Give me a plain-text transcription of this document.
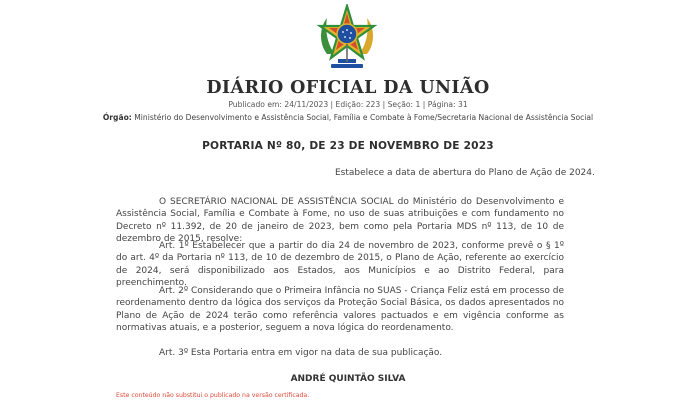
DIÁRIO OFICIAL DA UNIÃO
Publicado em: 24/11/2023 | Edição: 223 | Seção: 1 | Página: 31
Órgão: Ministério do Desenvolvimento e Assistência Social, Família e Combate à Fome/Secretaria Nacional de Assistência Social
PORTARIA Nº 80, DE 23 DE NOVEMBRO DE 2023
Estabelece a data de abertura do Plano de Ação de 2024.

O SECRETÁRIO NACIONAL DE ASSISTÊNCIA SOCIAL do Ministério do Desenvolvimento e Assistência Social, Família e Combate à Fome, no uso de suas atribuições e com fundamento no Decreto nº 11.392, de 20 de janeiro de 2023, bem como pela Portaria MDS nº 113, de 10 de dezembro de 2015, resolve:

Art. 1º Estabelecer que a partir do dia 24 de novembro de 2023, conforme prevê o § 1º do art. 4º da Portaria nº 113, de 10 de dezembro de 2015, o Plano de Ação, referente ao exercício de 2024, será disponibilizado aos Estados, aos Municípios e ao Distrito Federal, para preenchimento.

Art. 2º Considerando que o Primeira Infância no SUAS - Criança Feliz está em processo de reordenamento dentro da lógica dos serviços da Proteção Social Básica, os dados apresentados no Plano de Ação de 2024 terão como referência valores pactuados e em vigência conforme as normativas atuais, e a posterior, seguem a nova lógica do reordenamento.

Art. 3º Esta Portaria entra em vigor na data de sua publicação.

ANDRÉ QUINTÃO SILVA
Este conteúdo não substitui o publicado na versão certificada.
